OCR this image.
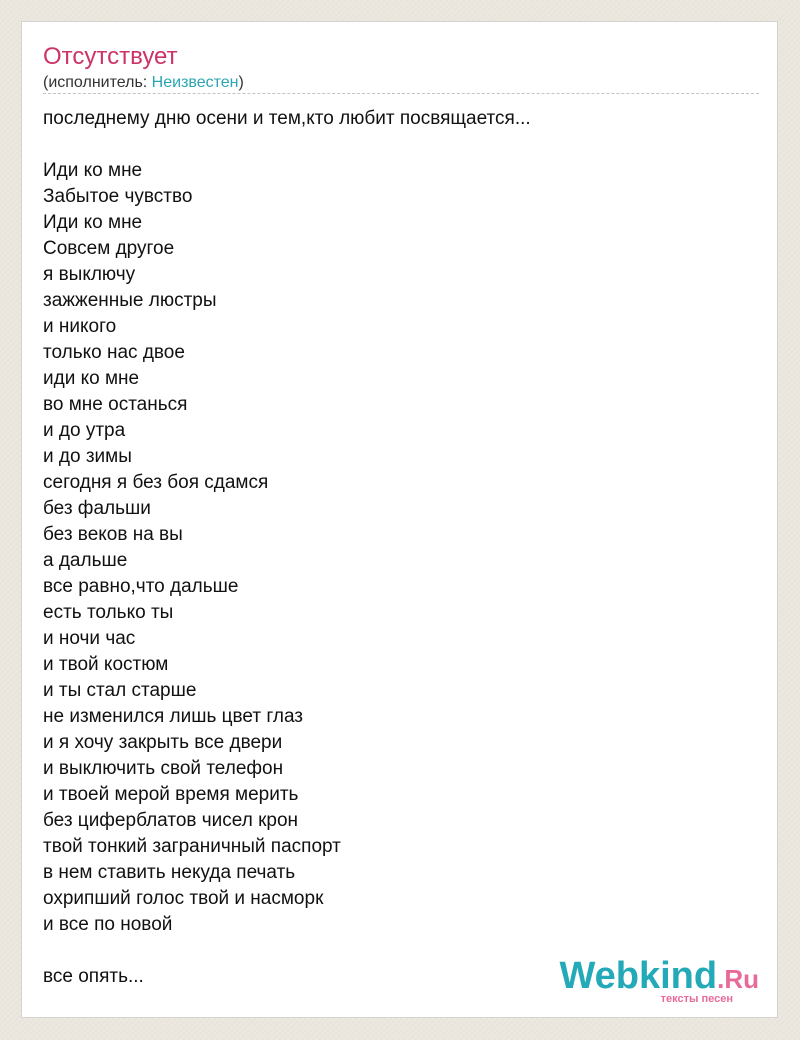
Отсутствует
(исполнитель: Неизвестен)
последнему дню осени и тем,кто любит посвящается...
Иди ко мне
Забытое чувство
Иди ко мне
Совсем другое
я выключу
зажженные люстры
и никого
только нас двое
иди ко мне
во мне останься
и до утра
и до зимы
сегодня я без боя сдамся
без фальши
без веков на вы
а дальше
все равно,что дальше
есть только ты
и ночи час
и твой костюм
и ты стал старше
не изменился лишь цвет глаз
и я хочу закрыть все двери
и выключить свой телефон
и твоей мерой время мерить
без циферблатов чисел крон
твой тонкий заграничный паспорт
в нем ставить некуда печать
охрипший голос твой и насморк
и все по новой
все опять...	Webkind.Ru
тексты песен
